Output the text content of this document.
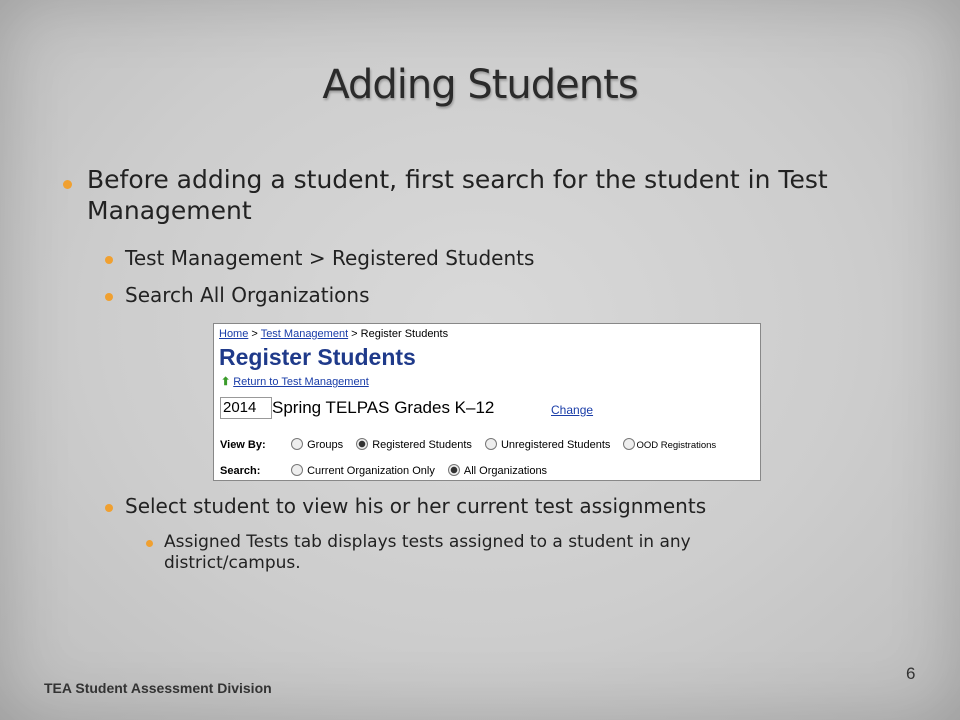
Adding Students
Before adding a student, first search for the student in Test Management
Test Management > Registered Students
Search All Organizations
Home > Test Management > Register Students
Register Students
⬆ Return to Test Management
2014 Spring TELPAS Grades K–12	Change
View By:	Groups	Registered Students	Unregistered Students	OOD Registrations
Search:	Current Organization Only	All Organizations
Select student to view his or her current test assignments
Assigned Tests tab displays tests assigned to a student in any district/campus.
TEA Student Assessment Division
6
